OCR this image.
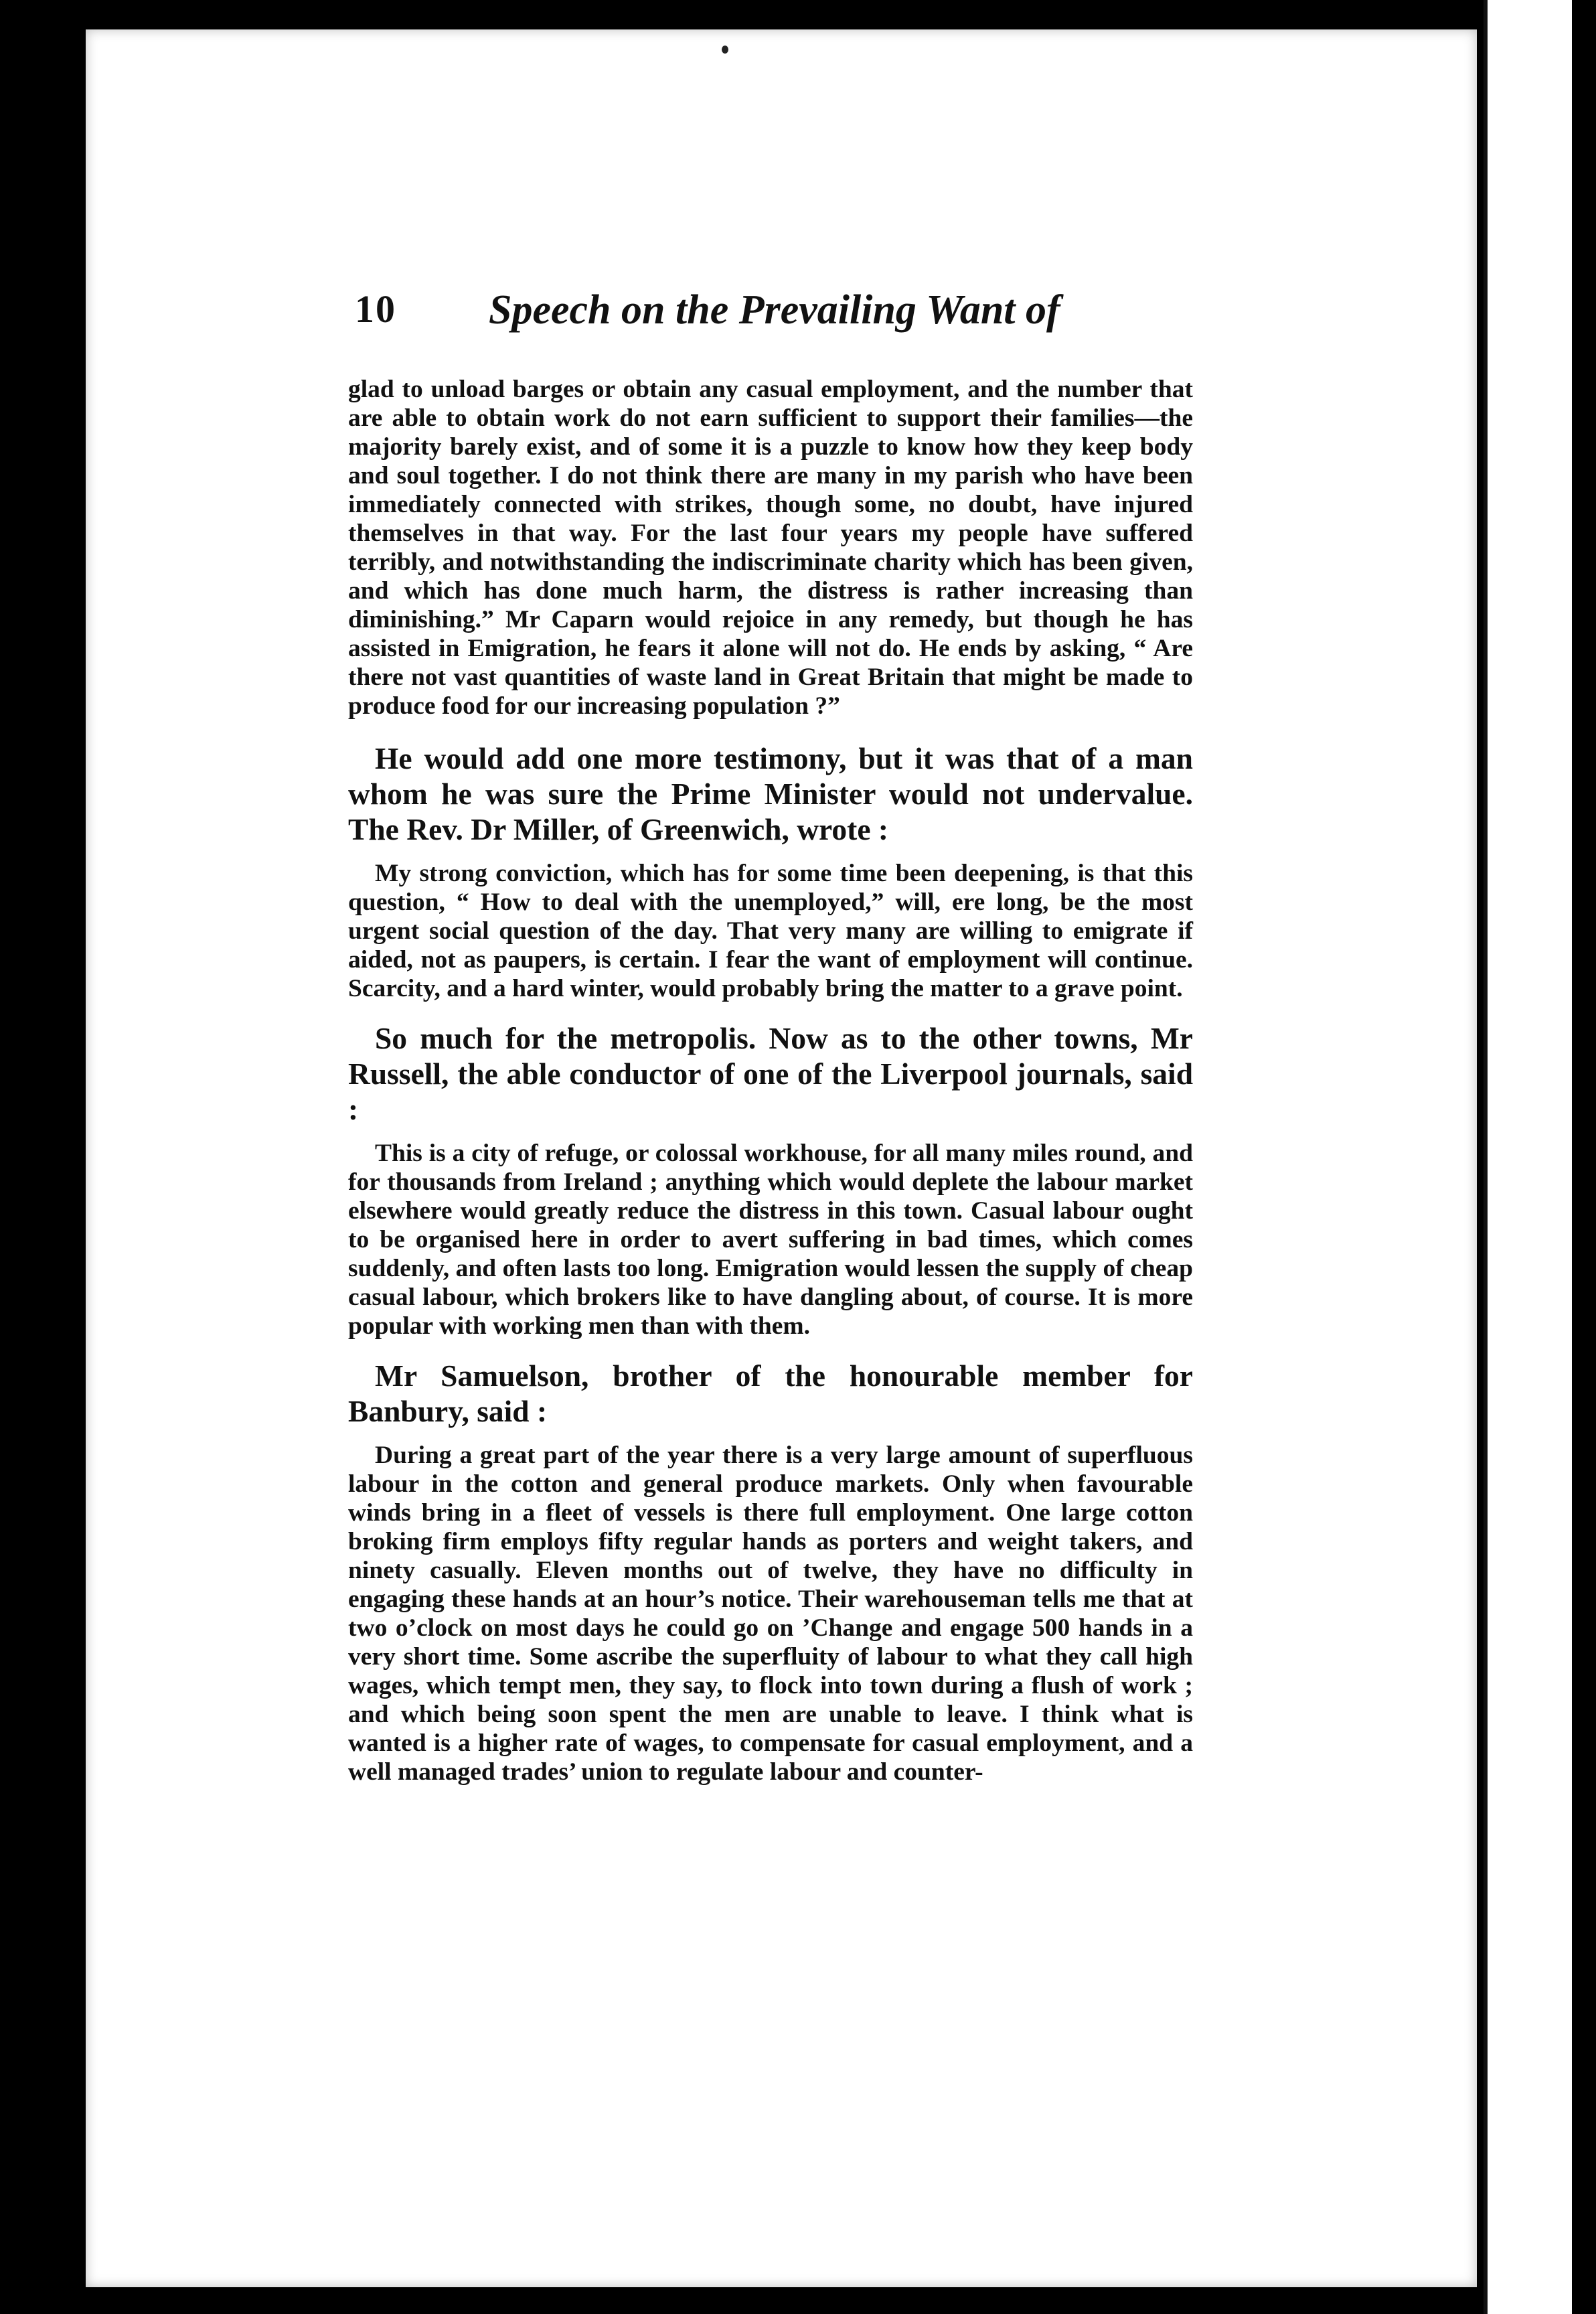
10 Speech on the Prevailing Want of

glad to unload barges or obtain any casual employment, and the number that are able to obtain work do not earn sufficient to support their families—the majority barely exist, and of some it is a puzzle to know how they keep body and soul together. I do not think there are many in my parish who have been immediately connected with strikes, though some, no doubt, have injured themselves in that way. For the last four years my people have suffered terribly, and notwithstanding the indiscriminate charity which has been given, and which has done much harm, the distress is rather increasing than diminishing.” Mr Caparn would rejoice in any remedy, but though he has assisted in Emigration, he fears it alone will not do. He ends by asking, “ Are there not vast quantities of waste land in Great Britain that might be made to produce food for our increasing population ?”

He would add one more testimony, but it was that of a man whom he was sure the Prime Minister would not undervalue. The Rev. Dr Miller, of Greenwich, wrote :

My strong conviction, which has for some time been deepening, is that this question, “ How to deal with the unemployed,” will, ere long, be the most urgent social question of the day. That very many are willing to emigrate if aided, not as paupers, is certain. I fear the want of employment will continue. Scarcity, and a hard winter, would probably bring the matter to a grave point.

So much for the metropolis. Now as to the other towns, Mr Russell, the able conductor of one of the Liverpool journals, said :

This is a city of refuge, or colossal workhouse, for all many miles round, and for thousands from Ireland ; anything which would deplete the labour market elsewhere would greatly reduce the distress in this town. Casual labour ought to be organised here in order to avert suffering in bad times, which comes suddenly, and often lasts too long. Emigration would lessen the supply of cheap casual labour, which brokers like to have dangling about, of course. It is more popular with working men than with them.

Mr Samuelson, brother of the honourable member for Banbury, said :

During a great part of the year there is a very large amount of superfluous labour in the cotton and general produce markets. Only when favourable winds bring in a fleet of vessels is there full employment. One large cotton broking firm employs fifty regular hands as porters and weight takers, and ninety casually. Eleven months out of twelve, they have no difficulty in engaging these hands at an hour’s notice. Their warehouseman tells me that at two o’clock on most days he could go on ’Change and engage 500 hands in a very short time. Some ascribe the superfluity of labour to what they call high wages, which tempt men, they say, to flock into town during a flush of work ; and which being soon spent the men are unable to leave. I think what is wanted is a higher rate of wages, to compensate for casual employment, and a well managed trades’ union to regulate labour and counter-
